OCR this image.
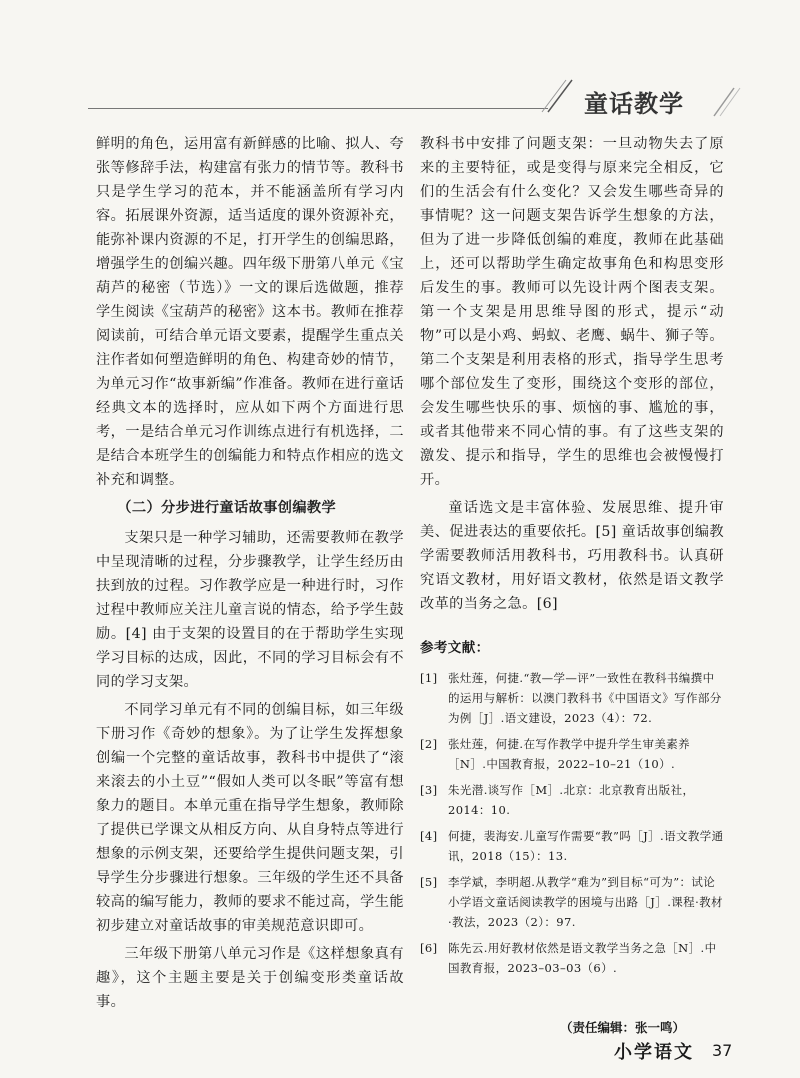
童话教学

鲜明的角色，运用富有新鲜感的比喻、拟人、夸张等修辞手法，构建富有张力的情节等。教科书只是学生学习的范本，并不能涵盖所有学习内容。拓展课外资源，适当适度的课外资源补充，能弥补课内资源的不足，打开学生的创编思路，增强学生的创编兴趣。四年级下册第八单元《宝葫芦的秘密（节选）》一文的课后选做题，推荐学生阅读《宝葫芦的秘密》这本书。教师在推荐阅读前，可结合单元语文要素，提醒学生重点关注作者如何塑造鲜明的角色、构建奇妙的情节，为单元习作“故事新编”作准备。教师在进行童话经典文本的选择时，应从如下两个方面进行思考，一是结合单元习作训练点进行有机选择，二是结合本班学生的创编能力和特点作相应的选文补充和调整。

（二）分步进行童话故事创编教学

支架只是一种学习辅助，还需要教师在教学中呈现清晰的过程，分步骤教学，让学生经历由扶到放的过程。习作教学应是一种进行时，习作过程中教师应关注儿童言说的情态，给予学生鼓励。[4] 由于支架的设置目的在于帮助学生实现学习目标的达成，因此，不同的学习目标会有不同的学习支架。

不同学习单元有不同的创编目标，如三年级下册习作《奇妙的想象》。为了让学生发挥想象创编一个完整的童话故事，教科书中提供了“滚来滚去的小土豆”“假如人类可以冬眠”等富有想象力的题目。本单元重在指导学生想象，教师除了提供已学课文从相反方向、从自身特点等进行想象的示例支架，还要给学生提供问题支架，引导学生分步骤进行想象。三年级的学生还不具备较高的编写能力，教师的要求不能过高，学生能初步建立对童话故事的审美规范意识即可。

三年级下册第八单元习作是《这样想象真有趣》，这个主题主要是关于创编变形类童话故事。

教科书中安排了问题支架：一旦动物失去了原来的主要特征，或是变得与原来完全相反，它们的生活会有什么变化？又会发生哪些奇异的事情呢？这一问题支架告诉学生想象的方法，但为了进一步降低创编的难度，教师在此基础上，还可以帮助学生确定故事角色和构思变形后发生的事。教师可以先设计两个图表支架。第一个支架是用思维导图的形式，提示“动物”可以是小鸡、蚂蚁、老鹰、蜗牛、狮子等。第二个支架是利用表格的形式，指导学生思考哪个部位发生了变形，围绕这个变形的部位，会发生哪些快乐的事、烦恼的事、尴尬的事，或者其他带来不同心情的事。有了这些支架的激发、提示和指导，学生的思维也会被慢慢打开。

童话选文是丰富体验、发展思维、提升审美、促进表达的重要依托。[5] 童话故事创编教学需要教师活用教科书，巧用教科书。认真研究语文教材，用好语文教材，依然是语文教学改革的当务之急。[6]

参考文献：

[1] 张灶莲，何捷.“教—学—评”一致性在教科书编撰中的运用与解析：以澳门教科书《中国语文》写作部分为例［J］.语文建设，2023（4）：72.

[2] 张灶莲，何捷.在写作教学中提升学生审美素养［N］.中国教育报，2022–10–21（10）.

[3] 朱光潜.谈写作［M］.北京：北京教育出版社，2014：10.

[4] 何捷，裴海安.儿童写作需要“教”吗［J］.语文教学通讯，2018（15）：13.

[5] 李学斌，李明超.从教学“难为”到目标“可为”：试论小学语文童话阅读教学的困境与出路［J］.课程·教材·教法，2023（2）：97.

[6] 陈先云.用好教材依然是语文教学当务之急［N］.中国教育报，2023–03–03（6）.

（责任编辑：张一鸣）
小学语文 37
